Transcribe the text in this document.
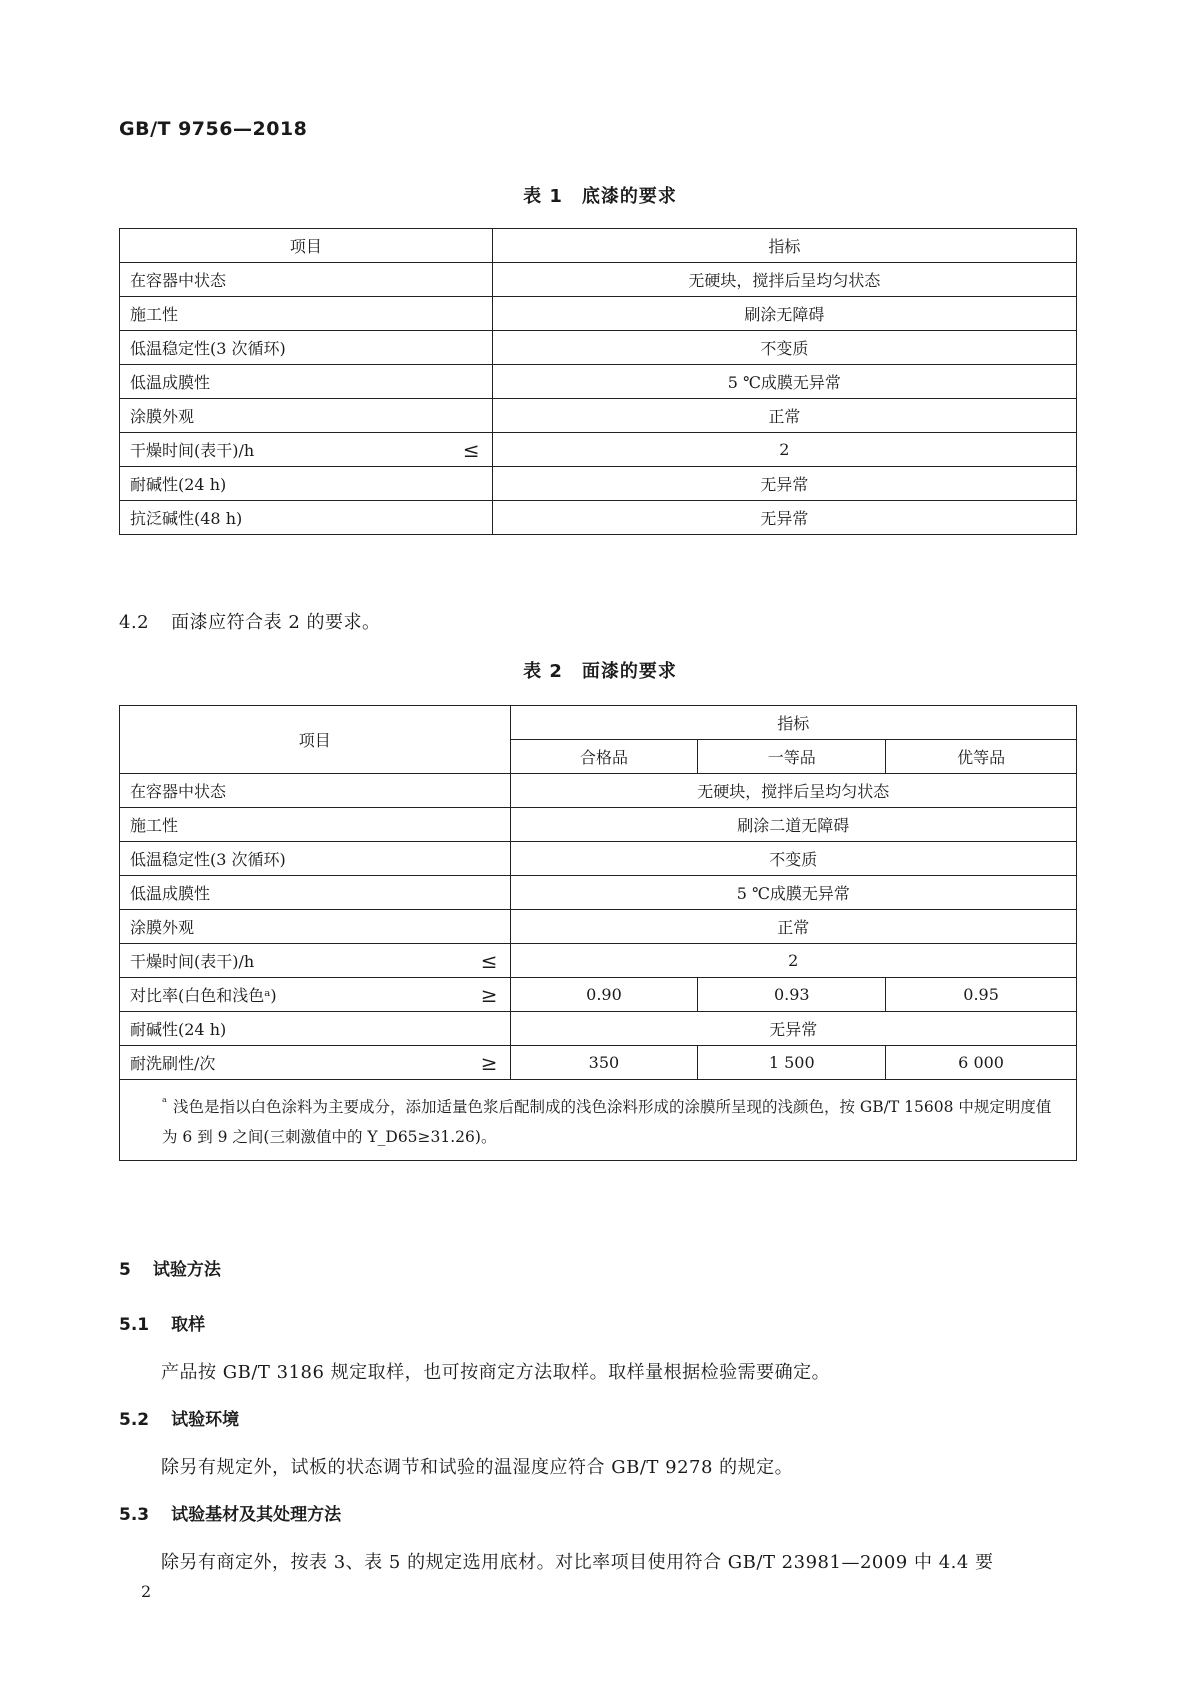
GB/T 9756—2018
表 1　底漆的要求
项目	指标

在容器中状态	无硬块，搅拌后呈均匀状态

施工性	刷涂无障碍

低温稳定性(3 次循环)	不变质

低温成膜性	5 ℃成膜无异常

涂膜外观	正常

干燥时间(表干)/h ≤	2

耐碱性(24 h)	无异常

抗泛碱性(48 h)	无异常
4.2 面漆应符合表 2 的要求。
表 2　面漆的要求
项目	指标		
	合格品	一等品	优等品

在容器中状态	无硬块，搅拌后呈均匀状态		

施工性	刷涂二道无障碍		

低温稳定性(3 次循环)	不变质		

低温成膜性	5 ℃成膜无异常		

涂膜外观	正常		

干燥时间(表干)/h ≤	2		

对比率(白色和浅色ᵃ) ≥	0.90	0.93	0.95

耐碱性(24 h)	无异常		

耐洗刷性/次 ≥	350	1 500	6 000
$^ᵃ$ 浅色是指以白色涂料为主要成分，添加适量色浆后配制成的浅色涂料形成的涂膜所呈现的浅颜色，按 GB/T 15608 中规定明度值为 6 到 9 之间(三刺激值中的 Y_D65≥31.26)。			
5 试验方法
5.1 取样
产品按 GB/T 3186 规定取样，也可按商定方法取样。取样量根据检验需要确定。
5.2 试验环境
除另有规定外，试板的状态调节和试验的温湿度应符合 GB/T 9278 的规定。
5.3 试验基材及其处理方法
除另有商定外，按表 3、表 5 的规定选用底材。对比率项目使用符合 GB/T 23981—2009 中 4.4 要
2
